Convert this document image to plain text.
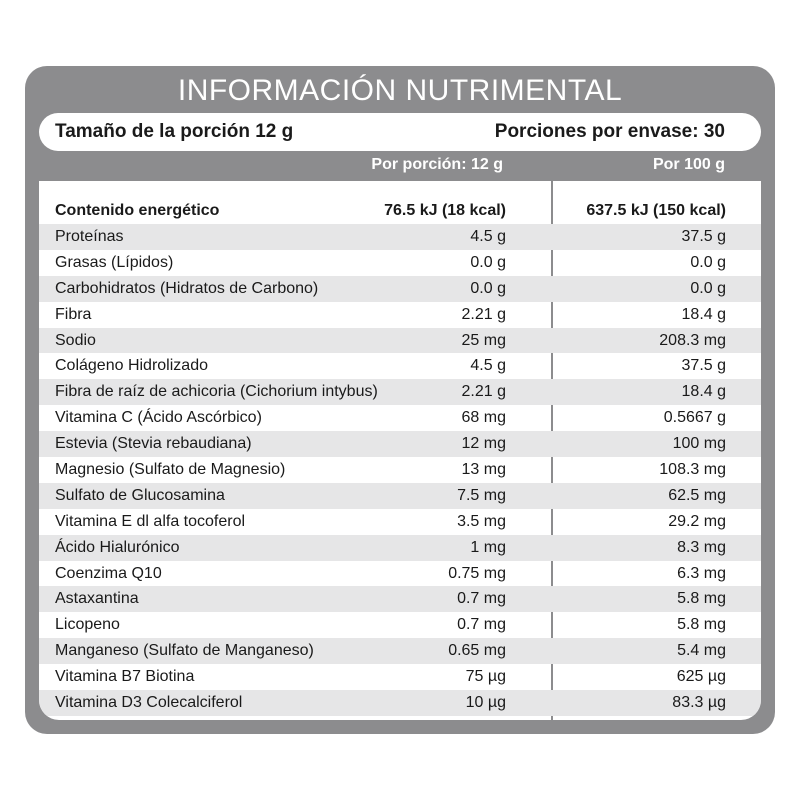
INFORMACIÓN NUTRIMENTAL
Tamaño de la porción 12 g	Porciones por envase: 30
Por porción: 12 g	Por 100 g
Contenido energético	76.5 kJ (18 kcal)	637.5 kJ (150 kcal)
Proteínas	4.5 g	37.5 g
Grasas (Lípidos)	0.0 g	0.0 g
Carbohidratos (Hidratos de Carbono)	0.0 g	0.0 g
Fibra	2.21 g	18.4 g
Sodio	25 mg	208.3 mg
Colágeno Hidrolizado	4.5 g	37.5 g
Fibra de raíz de achicoria (Cichorium intybus)	2.21 g	18.4 g
Vitamina C (Ácido Ascórbico)	68 mg	0.5667 g
Estevia (Stevia rebaudiana)	12 mg	100 mg
Magnesio (Sulfato de Magnesio)	13 mg	108.3 mg
Sulfato de Glucosamina	7.5 mg	62.5 mg
Vitamina E dl alfa tocoferol	3.5 mg	29.2 mg
Ácido Hialurónico	1 mg	8.3 mg
Coenzima Q10	0.75 mg	6.3 mg
Astaxantina	0.7 mg	5.8 mg
Licopeno	0.7 mg	5.8 mg
Manganeso (Sulfato de Manganeso)	0.65 mg	5.4 mg
Vitamina B7 Biotina	75 µg	625 µg
Vitamina D3 Colecalciferol	10 µg	83.3 µg
